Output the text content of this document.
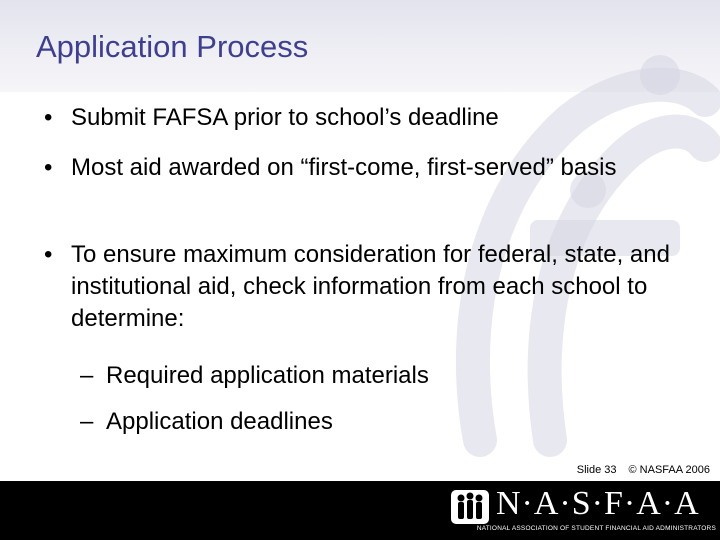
Application Process
• Submit FAFSA prior to school’s deadline
• Most aid awarded on “first-come, first-served” basis
• To ensure maximum consideration for federal, state, and institutional aid, check information from each school to determine:
– Required application materials
– Application deadlines
Slide 33 © NASFAA 2006
N·A·S·F·A·A
NATIONAL ASSOCIATION OF STUDENT FINANCIAL AID ADMINISTRATORS
